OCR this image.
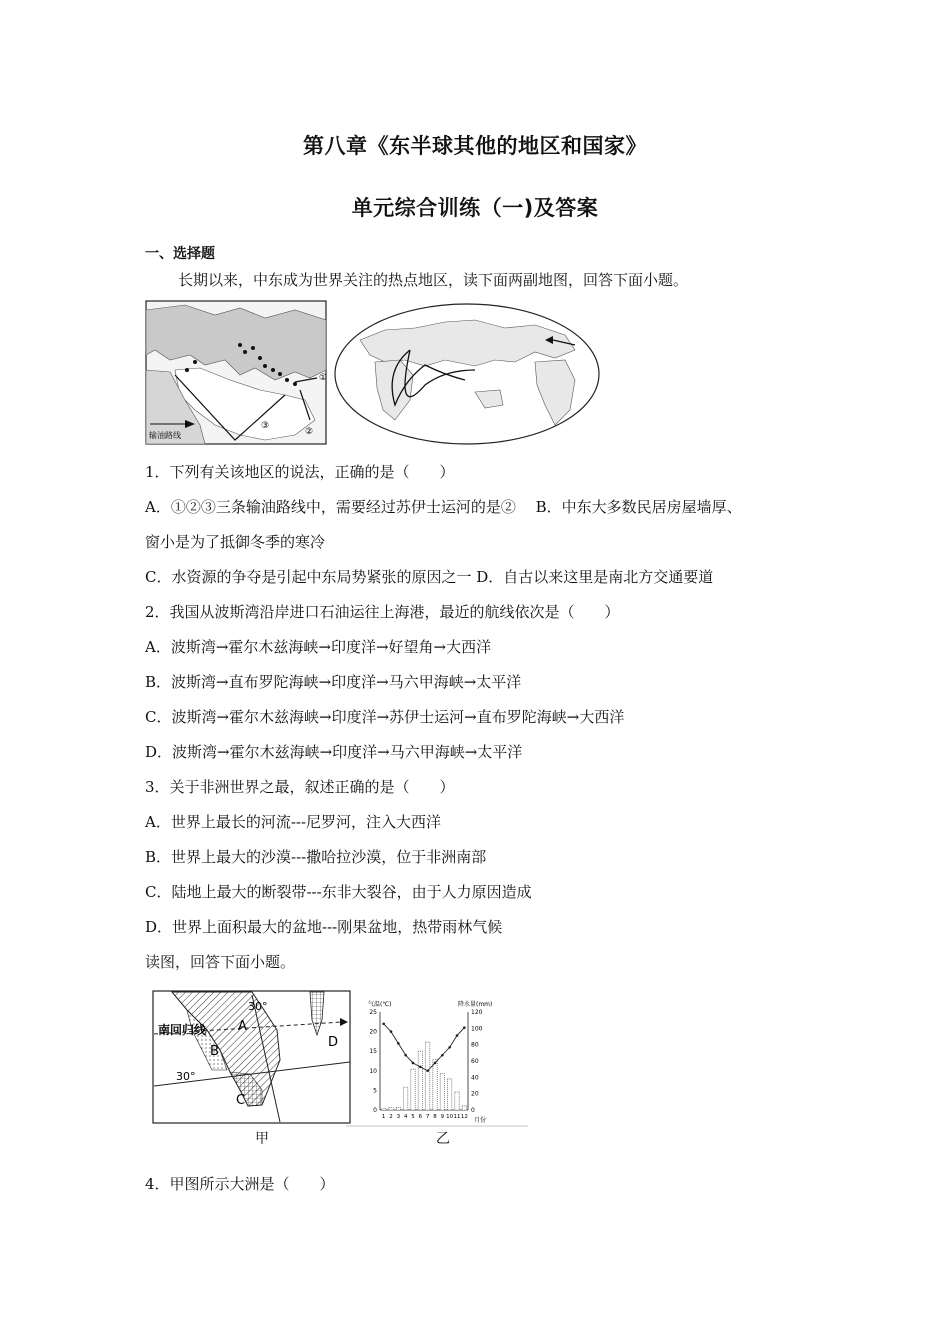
第八章《东半球其他的地区和国家》
单元综合训练（一)及答案
一、选择题
长期以来，中东成为世界关注的热点地区，读下面两副地图，回答下面小题。
①
②
③
输油路线
1．下列有关该地区的说法，正确的是（　　）
A．①②③三条输油路线中，需要经过苏伊士运河的是②　 B．中东大多数民居房屋墙厚、
窗小是为了抵御冬季的寒冷
C．水资源的争夺是引起中东局势紧张的原因之一 D．自古以来这里是南北方交通要道
2．我国从波斯湾沿岸进口石油运往上海港，最近的航线依次是（　　）
A．波斯湾→霍尔木兹海峡→印度洋→好望角→大西洋
B．波斯湾→直布罗陀海峡→印度洋→马六甲海峡→太平洋
C．波斯湾→霍尔木兹海峡→印度洋→苏伊士运河→直布罗陀海峡→大西洋
D．波斯湾→霍尔木兹海峡→印度洋→马六甲海峡→太平洋
3．关于非洲世界之最，叙述正确的是（　　）
A．世界上最长的河流---尼罗河，注入大西洋
B．世界上最大的沙漠---撒哈拉沙漠，位于非洲南部
C．陆地上最大的断裂带---东非大裂谷，由于人力原因造成
D．世界上面积最大的盆地---刚果盆地，热带雨林气候
读图，回答下面小题。
南回归线
30°
30°
A
B
C
D
甲
气温(℃)	降水量(mm)
月份
25
20
15
10
5
0
120
100
80
60
40
20
0
1 2 3 4 5 6 7 8 9 10 11 12
乙
4．甲图所示大洲是（　　）
